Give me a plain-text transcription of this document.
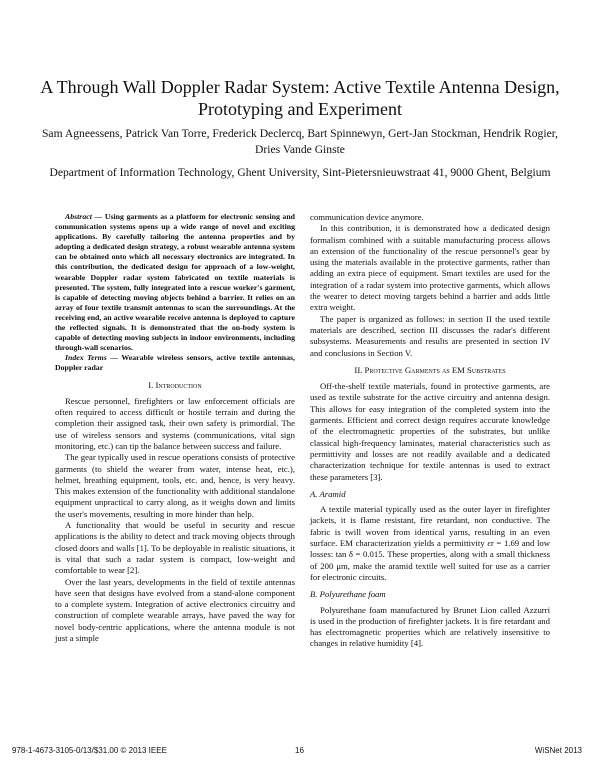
A Through Wall Doppler Radar System: Active Textile Antenna Design, Prototyping and Experiment
Sam Agneessens, Patrick Van Torre, Frederick Declercq, Bart Spinnewyn, Gert-Jan Stockman, Hendrik Rogier, Dries Vande Ginste
Department of Information Technology, Ghent University, Sint-Pietersnieuwstraat 41, 9000 Ghent, Belgium

Abstract — Using garments as a platform for electronic sensing and communication systems opens up a wide range of novel and exciting applications. By carefully tailoring the antenna properties and by adopting a dedicated design strategy, a robust wearable antenna system can be obtained onto which all necessary electronics are integrated. In this contribution, the dedicated design for approach of a low-weight, wearable Doppler radar system fabricated on textile materials is presented. The system, fully integrated into a rescue worker's garment, is capable of detecting moving objects behind a barrier. It relies on an array of four textile transmit antennas to scan the surroundings. At the receiving end, an active wearable receive antenna is deployed to capture the reflected signals. It is demonstrated that the on-body system is capable of detecting moving subjects in indoor environments, including through-wall scenarios.

Index Terms — Wearable wireless sensors, active textile antennas, Doppler radar

I. Introduction

Rescue personnel, firefighters or law enforcement officials are often required to access difficult or hostile terrain and during the completion their assigned task, their own safety is primordial. The use of wireless sensors and systems (communications, vital sign monitoring, etc.) can tip the balance between success and failure.

The gear typically used in rescue operations consists of protective garments (to shield the wearer from water, intense heat, etc.), helmet, breathing equipment, tools, etc. and, hence, is very heavy. This makes extension of the functionality with additional standalone equipment unpractical to carry along, as it weighs down and limits the user's movements, resulting in more hinder than help.

A functionality that would be useful in security and rescue applications is the ability to detect and track moving objects through closed doors and walls [1]. To be deployable in realistic situations, it is vital that such a radar system is compact, low-weight and comfortable to wear [2].

Over the last years, developments in the field of textile antennas have seen that designs have evolved from a stand-alone component to a complete system. Integration of active electronics circuitry and construction of complete wearable arrays, have paved the way for novel body-centric applications, where the antenna module is not just a simple

communication device anymore.

In this contribution, it is demonstrated how a dedicated design formalism combined with a suitable manufacturing process allows an extension of the functionality of the rescue personnel's gear by using the materials available in the protective garments, rather than adding an extra piece of equipment. Smart textiles are used for the integration of a radar system into protective garments, which allows the wearer to detect moving targets behind a barrier and adds little extra weight.

The paper is organized as follows: in section II the used textile materials are described, section III discusses the radar's different subsystems. Measurements and results are presented in section IV and conclusions in Section V.

II. Protective Garments as EM Substrates

Off-the-shelf textile materials, found in protective garments, are used as textile substrate for the active circuitry and antenna design. This allows for easy integration of the completed system into the garments. Efficient and correct design requires accurate knowledge of the electromagnetic properties of the substrates, but unlike classical high-frequency laminates, material characteristics such as permittivity and losses are not readily available and a dedicated characterization technique for textile antennas is used to extract these parameters [3].

A. Aramid

A textile material typically used as the outer layer in firefighter jackets, it is flame resistant, fire retardant, non conductive. The fabric is twill woven from identical yarns, resulting in an even surface. EM characterization yields a permittivity εr = 1.69 and low losses: tan δ = 0.015. These properties, along with a small thickness of 200 μm, make the aramid textile well suited for use as a carrier for electronic circuits.

B. Polyurethane foam

Polyurethane foam manufactured by Brunet Lion called Azzurri is used in the production of firefighter jackets. It is fire retardant and has electromagnetic properties which are relatively insensitive to changes in relative humidity [4].

978-1-4673-3105-0/13/$31.00 © 2013 IEEE	16	WiSNet 2013
